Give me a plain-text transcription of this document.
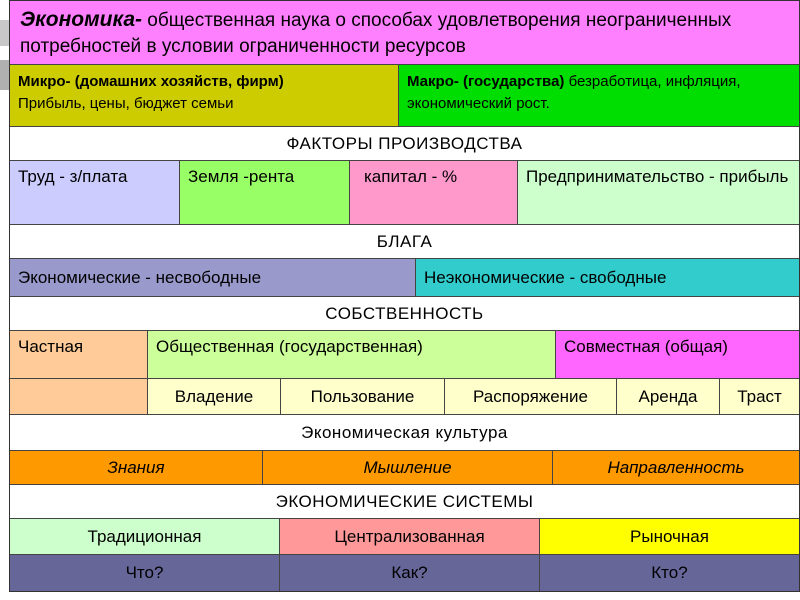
Экономика- общественная наука о способах удовлетворения неограниченных потребностей в условии ограниченности ресурсов
Микро- (домашних хозяйств, фирм)
Прибыль, цены, бюджет семьи
Макро- (государства) безработица, инфляция, экономический рост.
ФАКТОРЫ ПРОИЗВОДСТВА
Труд - з/плата	Земля -рента	капитал - %	Предпринимательство - прибыль
БЛАГА
Экономические - несвободные	Неэкономические - свободные
СОБСТВЕННОСТЬ
Частная	Общественная (государственная)	Совместная (общая)
Владение	Пользование	Распоряжение	Аренда	Траст
Экономическая культура
Знания	Мышление	Направленность
ЭКОНОМИЧЕСКИЕ СИСТЕМЫ
Традиционная	Централизованная	Рыночная
Что?	Как?	Кто?
